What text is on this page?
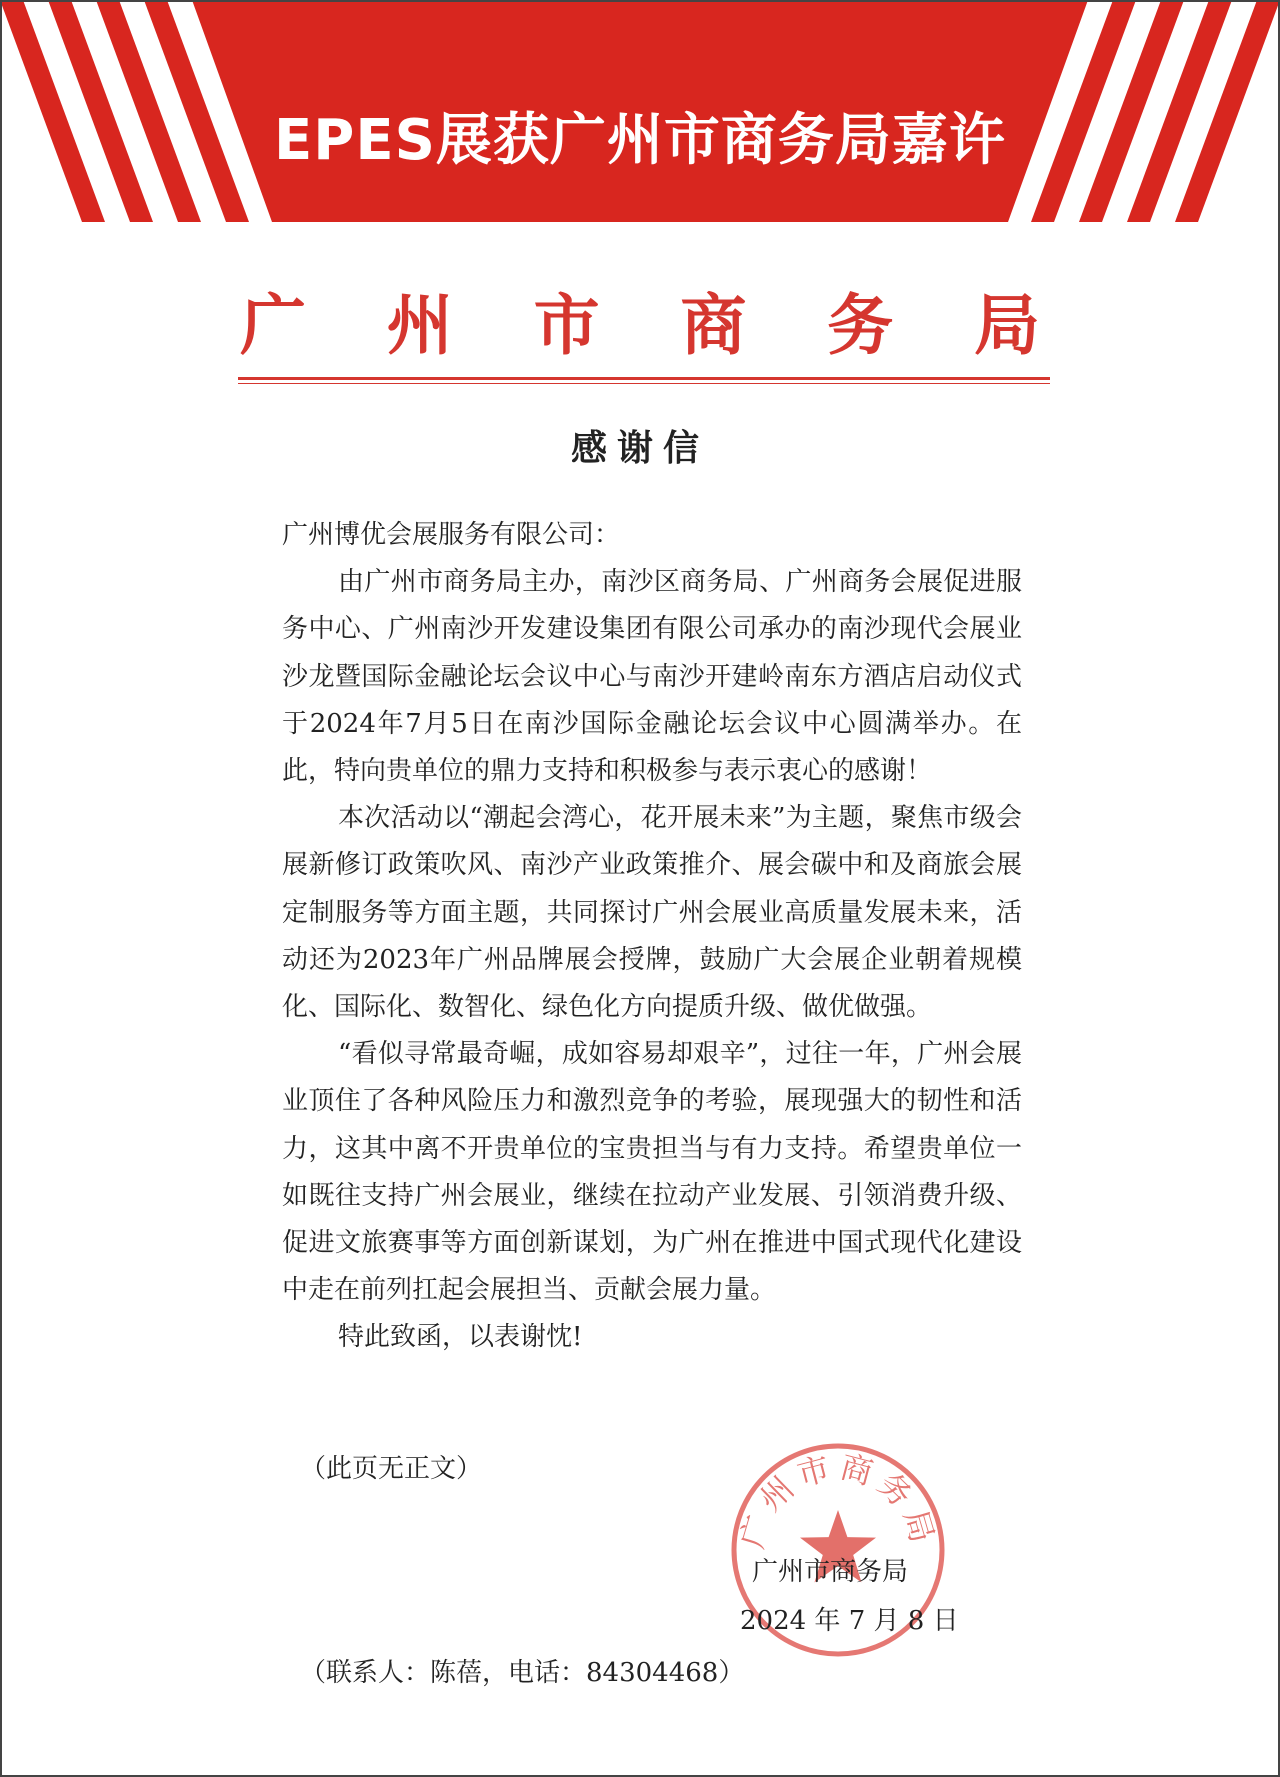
EPES展获广州市商务局嘉许
广 州 市 商 务 局
感谢信

广州博优会展服务有限公司：

由广州市商务局主办，南沙区商务局、广州商务会展促进服务中心、广州南沙开发建设集团有限公司承办的南沙现代会展业沙龙暨国际金融论坛会议中心与南沙开建岭南东方酒店启动仪式于2024年7月5日在南沙国际金融论坛会议中心圆满举办。在此，特向贵单位的鼎力支持和积极参与表示衷心的感谢！

本次活动以“潮起会湾心，花开展未来”为主题，聚焦市级会展新修订政策吹风、南沙产业政策推介、展会碳中和及商旅会展定制服务等方面主题，共同探讨广州会展业高质量发展未来，活动还为2023年广州品牌展会授牌，鼓励广大会展企业朝着规模化、国际化、数智化、绿色化方向提质升级、做优做强。

“看似寻常最奇崛，成如容易却艰辛”，过往一年，广州会展业顶住了各种风险压力和激烈竞争的考验，展现强大的韧性和活力，这其中离不开贵单位的宝贵担当与有力支持。希望贵单位一如既往支持广州会展业，继续在拉动产业发展、引领消费升级、促进文旅赛事等方面创新谋划，为广州在推进中国式现代化建设中走在前列扛起会展担当、贡献会展力量。

特此致函，以表谢忱!

（此页无正文）
广州市商务局
广州市商务局
2024 年 7 月 8 日
（联系人：陈蓓，电话：84304468）
